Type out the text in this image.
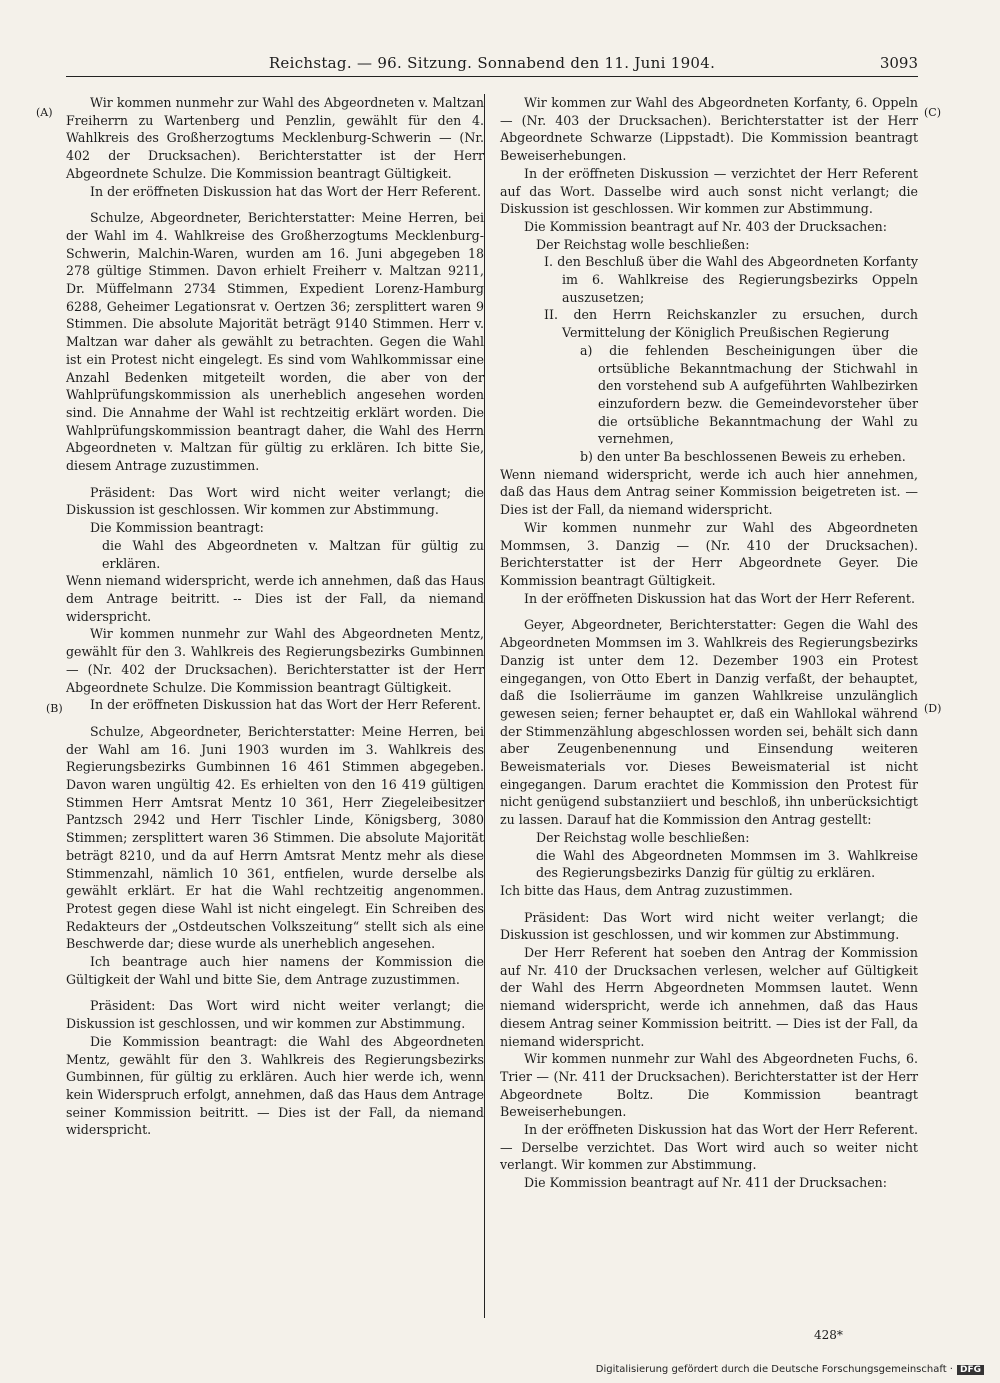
Reichstag. — 96. Sitzung. Sonnabend den 11. Juni 1904.	3093
(A)
(B)
(C)
(D)

Wir kommen nunmehr zur Wahl des Abgeordneten v. Maltzan Freiherrn zu Wartenberg und Penzlin, gewählt für den 4. Wahlkreis des Großherzogtums Mecklenburg-Schwerin — (Nr. 402 der Drucksachen). Berichterstatter ist der Herr Abgeordnete Schulze. Die Kommission beantragt Gültigkeit.

In der eröffneten Diskussion hat das Wort der Herr Referent.

Schulze, Abgeordneter, Berichterstatter: Meine Herren, bei der Wahl im 4. Wahlkreise des Großherzogtums Mecklenburg-Schwerin, Malchin-Waren, wurden am 16. Juni abgegeben 18 278 gültige Stimmen. Davon erhielt Freiherr v. Maltzan 9211, Dr. Müffelmann 2734 Stimmen, Expedient Lorenz-Hamburg 6288, Geheimer Legationsrat v. Oertzen 36; zersplittert waren 9 Stimmen. Die absolute Majorität beträgt 9140 Stimmen. Herr v. Maltzan war daher als gewählt zu betrachten. Gegen die Wahl ist ein Protest nicht eingelegt. Es sind vom Wahlkommissar eine Anzahl Bedenken mitgeteilt worden, die aber von der Wahlprüfungskommission als unerheblich angesehen worden sind. Die Annahme der Wahl ist rechtzeitig erklärt worden. Die Wahlprüfungskommission beantragt daher, die Wahl des Herrn Abgeordneten v. Maltzan für gültig zu erklären. Ich bitte Sie, diesem Antrage zuzustimmen.

Präsident: Das Wort wird nicht weiter verlangt; die Diskussion ist geschlossen. Wir kommen zur Abstimmung.

Die Kommission beantragt:

die Wahl des Abgeordneten v. Maltzan für gültig zu erklären.

Wenn niemand widerspricht, werde ich annehmen, daß das Haus dem Antrage beitritt. -- Dies ist der Fall, da niemand widerspricht.

Wir kommen nunmehr zur Wahl des Abgeordneten Mentz, gewählt für den 3. Wahlkreis des Regierungsbezirks Gumbinnen — (Nr. 402 der Drucksachen). Berichterstatter ist der Herr Abgeordnete Schulze. Die Kommission beantragt Gültigkeit.

In der eröffneten Diskussion hat das Wort der Herr Referent.

Schulze, Abgeordneter, Berichterstatter: Meine Herren, bei der Wahl am 16. Juni 1903 wurden im 3. Wahlkreis des Regierungsbezirks Gumbinnen 16 461 Stimmen abgegeben. Davon waren ungültig 42. Es erhielten von den 16 419 gültigen Stimmen Herr Amtsrat Mentz 10 361, Herr Ziegeleibesitzer Pantzsch 2942 und Herr Tischler Linde, Königsberg, 3080 Stimmen; zersplittert waren 36 Stimmen. Die absolute Majorität beträgt 8210, und da auf Herrn Amtsrat Mentz mehr als diese Stimmenzahl, nämlich 10 361, entfielen, wurde derselbe als gewählt erklärt. Er hat die Wahl rechtzeitig angenommen. Protest gegen diese Wahl ist nicht eingelegt. Ein Schreiben des Redakteurs der „Ostdeutschen Volkszeitung“ stellt sich als eine Beschwerde dar; diese wurde als unerheblich angesehen.

Ich beantrage auch hier namens der Kommission die Gültigkeit der Wahl und bitte Sie, dem Antrage zuzustimmen.

Präsident: Das Wort wird nicht weiter verlangt; die Diskussion ist geschlossen, und wir kommen zur Abstimmung.

Die Kommission beantragt: die Wahl des Abgeordneten Mentz, gewählt für den 3. Wahlkreis des Regierungsbezirks Gumbinnen, für gültig zu erklären. Auch hier werde ich, wenn kein Widerspruch erfolgt, annehmen, daß das Haus dem Antrage seiner Kommission beitritt. — Dies ist der Fall, da niemand widerspricht.

Wir kommen zur Wahl des Abgeordneten Korfanty, 6. Oppeln — (Nr. 403 der Drucksachen). Berichterstatter ist der Herr Abgeordnete Schwarze (Lippstadt). Die Kommission beantragt Beweiserhebungen.

In der eröffneten Diskussion — verzichtet der Herr Referent auf das Wort. Dasselbe wird auch sonst nicht verlangt; die Diskussion ist geschlossen. Wir kommen zur Abstimmung.

Die Kommission beantragt auf Nr. 403 der Drucksachen:

Der Reichstag wolle beschließen:

I. den Beschluß über die Wahl des Abgeordneten Korfanty im 6. Wahlkreise des Regierungsbezirks Oppeln auszusetzen;

II. den Herrn Reichskanzler zu ersuchen, durch Vermittelung der Königlich Preußischen Regierung

a) die fehlenden Bescheinigungen über die ortsübliche Bekanntmachung der Stichwahl in den vorstehend sub A aufgeführten Wahlbezirken einzufordern bezw. die Gemeindevorsteher über die ortsübliche Bekanntmachung der Wahl zu vernehmen,

b) den unter Ba beschlossenen Beweis zu erheben.

Wenn niemand widerspricht, werde ich auch hier annehmen, daß das Haus dem Antrag seiner Kommission beigetreten ist. — Dies ist der Fall, da niemand widerspricht.

Wir kommen nunmehr zur Wahl des Abgeordneten Mommsen, 3. Danzig — (Nr. 410 der Drucksachen). Berichterstatter ist der Herr Abgeordnete Geyer. Die Kommission beantragt Gültigkeit.

In der eröffneten Diskussion hat das Wort der Herr Referent.

Geyer, Abgeordneter, Berichterstatter: Gegen die Wahl des Abgeordneten Mommsen im 3. Wahlkreis des Regierungsbezirks Danzig ist unter dem 12. Dezember 1903 ein Protest eingegangen, von Otto Ebert in Danzig verfaßt, der behauptet, daß die Isolierräume im ganzen Wahlkreise unzulänglich gewesen seien; ferner behauptet er, daß ein Wahllokal während der Stimmenzählung abgeschlossen worden sei, behält sich dann aber Zeugenbenennung und Einsendung weiteren Beweismaterials vor. Dieses Beweismaterial ist nicht eingegangen. Darum erachtet die Kommission den Protest für nicht genügend substanziiert und beschloß, ihn unberücksichtigt zu lassen. Darauf hat die Kommission den Antrag gestellt:

Der Reichstag wolle beschließen:

die Wahl des Abgeordneten Mommsen im 3. Wahlkreise des Regierungsbezirks Danzig für gültig zu erklären.

Ich bitte das Haus, dem Antrag zuzustimmen.

Präsident: Das Wort wird nicht weiter verlangt; die Diskussion ist geschlossen, und wir kommen zur Abstimmung.

Der Herr Referent hat soeben den Antrag der Kommission auf Nr. 410 der Drucksachen verlesen, welcher auf Gültigkeit der Wahl des Herrn Abgeordneten Mommsen lautet. Wenn niemand widerspricht, werde ich annehmen, daß das Haus diesem Antrag seiner Kommission beitritt. — Dies ist der Fall, da niemand widerspricht.

Wir kommen nunmehr zur Wahl des Abgeordneten Fuchs, 6. Trier — (Nr. 411 der Drucksachen). Berichterstatter ist der Herr Abgeordnete Boltz. Die Kommission beantragt Beweiserhebungen.

In der eröffneten Diskussion hat das Wort der Herr Referent. — Derselbe verzichtet. Das Wort wird auch so weiter nicht verlangt. Wir kommen zur Abstimmung.

Die Kommission beantragt auf Nr. 411 der Drucksachen:

428*
Digitalisierung gefördert durch die Deutsche Forschungsgemeinschaft · DFG
